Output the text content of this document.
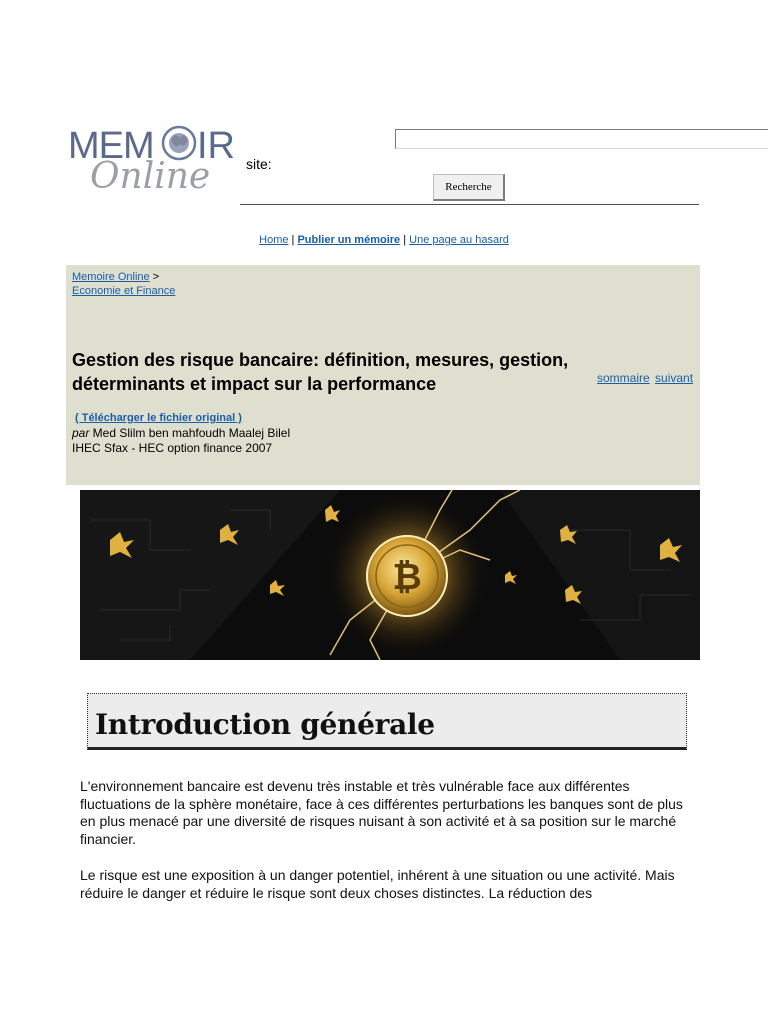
MEM IR
Online	site:
Recherche
Home | Publier un mémoire | Une page au hasard
Memoire Online >
Economie et Finance
Gestion des risque bancaire: définition, mesures, gestion, déterminants et impact sur la performance	sommaire suivant
( Télécharger le fichier original )
par Med Slilm ben mahfoudh Maalej Bilel
IHEC Sfax - HEC option finance 2007
₿
Introduction générale
L'environnement bancaire est devenu très instable et très vulnérable face aux différentes fluctuations de la sphère monétaire, face à ces différentes perturbations les banques sont de plus en plus menacé par une diversité de risques nuisant à son activité et à sa position sur le marché financier.
Le risque est une exposition à un danger potentiel, inhérent à une situation ou une activité. Mais réduire le danger et réduire le risque sont deux choses distinctes. La réduction des
